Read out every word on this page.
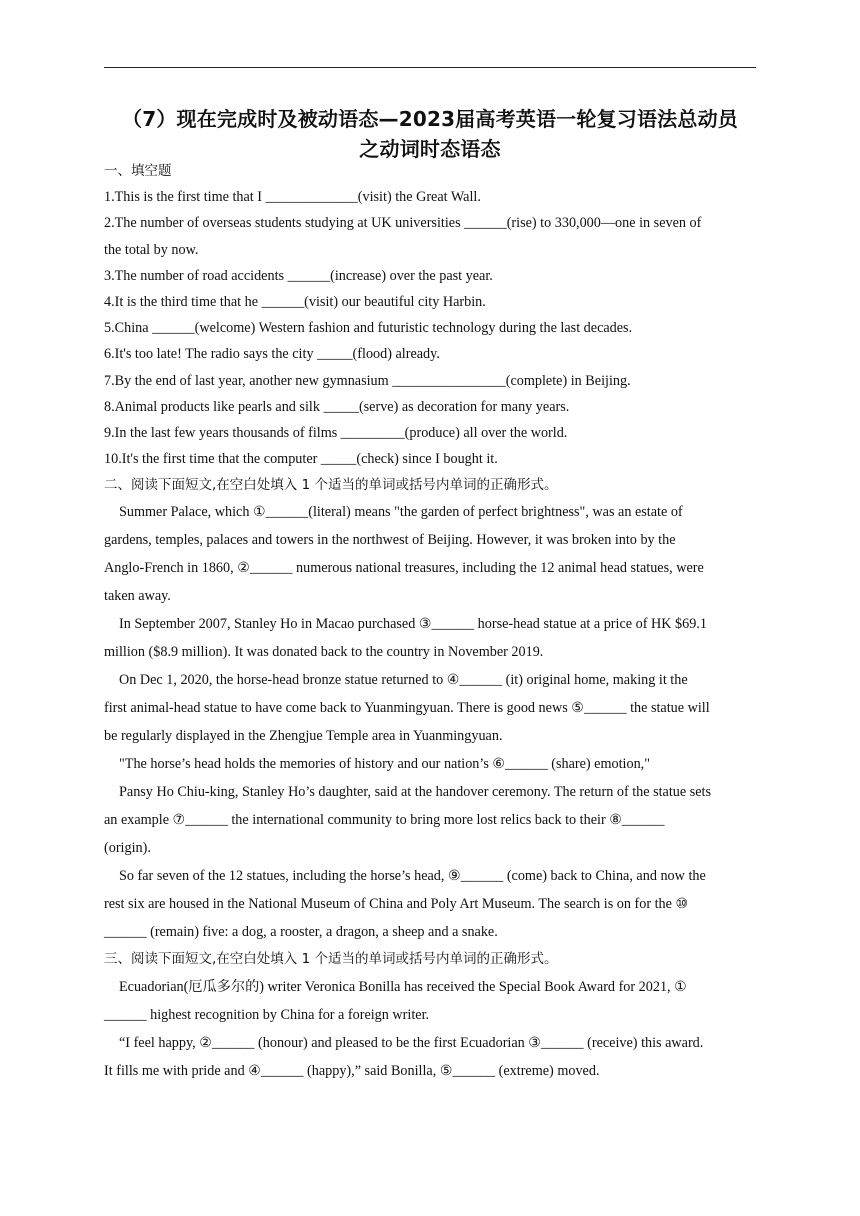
（7）现在完成时及被动语态—2023届高考英语一轮复习语法总动员
之动词时态语态
一、填空题
1.This is the first time that I _____________(visit) the Great Wall.
2.The number of overseas students studying at UK universities ______(rise) to 330,000—one in seven of
the total by now.
3.The number of road accidents ______(increase) over the past year.
4.It is the third time that he ______(visit) our beautiful city Harbin.
5.China ______(welcome) Western fashion and futuristic technology during the last decades.
6.It's too late! The radio says the city _____(flood) already.
7.By the end of last year, another new gymnasium ________________(complete) in Beijing.
8.Animal products like pearls and silk _____(serve) as decoration for many years.
9.In the last few years thousands of films _________(produce) all over the world.
10.It's the first time that the computer _____(check) since I bought it.
二、阅读下面短文,在空白处填入 1 个适当的单词或括号内单词的正确形式。
Summer Palace, which ①______(literal) means "the garden of perfect brightness", was an estate of
gardens, temples, palaces and towers in the northwest of Beijing. However, it was broken into by the
Anglo-French in 1860, ②______ numerous national treasures, including the 12 animal head statues, were
taken away.
In September 2007, Stanley Ho in Macao purchased ③______ horse-head statue at a price of HK $69.1
million ($8.9 million). It was donated back to the country in November 2019.
On Dec 1, 2020, the horse-head bronze statue returned to ④______ (it) original home, making it the
first animal-head statue to have come back to Yuanmingyuan. There is good news ⑤______ the statue will
be regularly displayed in the Zhengjue Temple area in Yuanmingyuan.
"The horse’s head holds the memories of history and our nation’s ⑥______ (share) emotion,"
Pansy Ho Chiu-king, Stanley Ho’s daughter, said at the handover ceremony. The return of the statue sets
an example ⑦______ the international community to bring more lost relics back to their ⑧______
(origin).
So far seven of the 12 statues, including the horse’s head, ⑨______ (come) back to China, and now the
rest six are housed in the National Museum of China and Poly Art Museum. The search is on for the ⑩
______ (remain) five: a dog, a rooster, a dragon, a sheep and a snake.
三、阅读下面短文,在空白处填入 1 个适当的单词或括号内单词的正确形式。
Ecuadorian(厄瓜多尔的) writer Veronica Bonilla has received the Special Book Award for 2021, ①
______ highest recognition by China for a foreign writer.
“I feel happy, ②______ (honour) and pleased to be the first Ecuadorian ③______ (receive) this award.
It fills me with pride and ④______ (happy),” said Bonilla, ⑤______ (extreme) moved.
